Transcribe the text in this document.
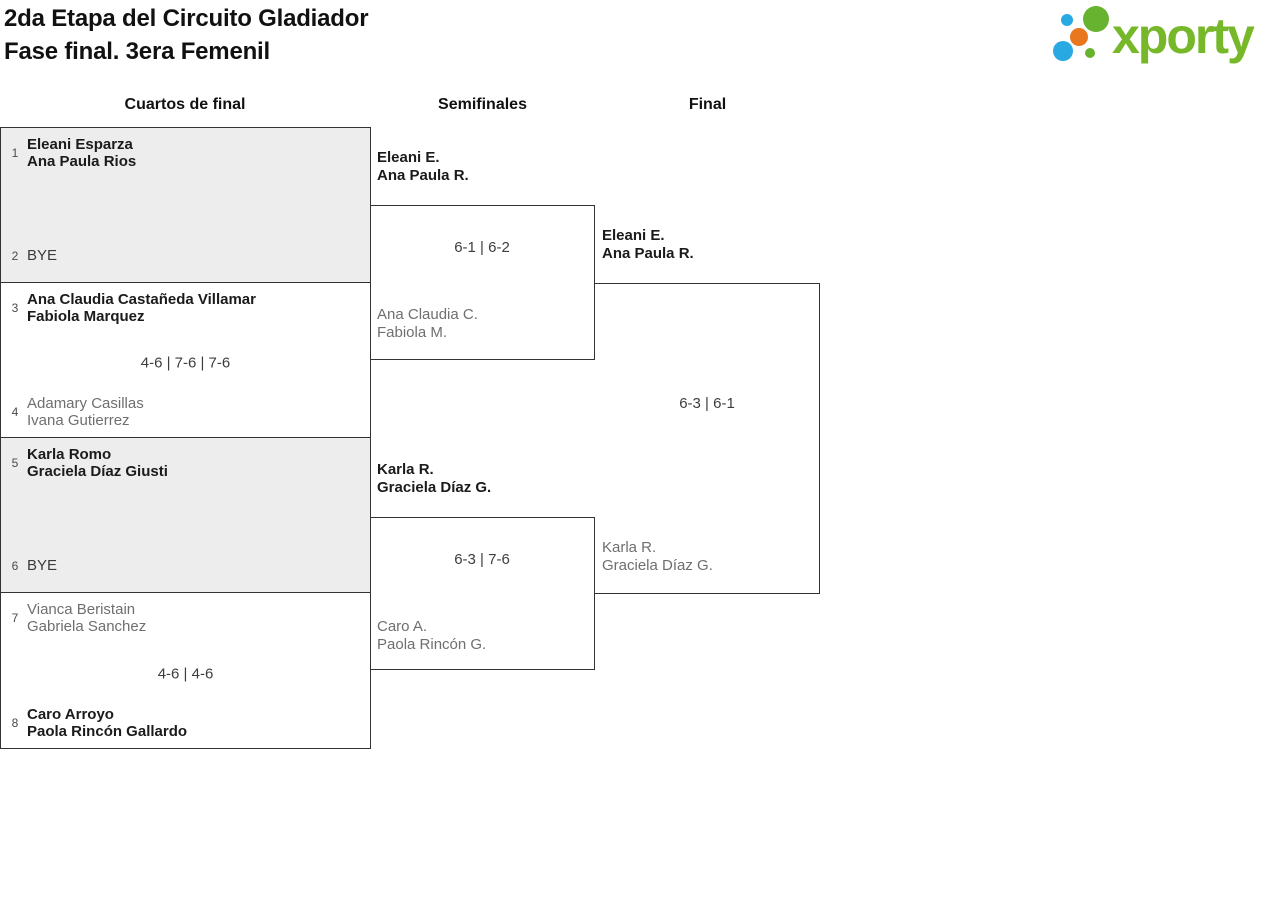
2da Etapa del Circuito Gladiador
Fase final. 3era Femenil	xporty
Cuartos de final	Semifinales	Final
1 Eleani Esparza
Ana Paula Rios
2 BYE
3 Ana Claudia Castañeda Villamar
Fabiola Marquez
4-6 | 7-6 | 7-6
4 Adamary Casillas
Ivana Gutierrez
5 Karla Romo
Graciela Díaz Giusti
6 BYE
7 Vianca Beristain
Gabriela Sanchez
4-6 | 4-6
8 Caro Arroyo
Paola Rincón Gallardo
Eleani E.
Ana Paula R.
6-1 | 6-2
Ana Claudia C.
Fabiola M.
Karla R.
Graciela Díaz G.
6-3 | 7-6
Caro A.
Paola Rincón G.
Eleani E.
Ana Paula R.
6-3 | 6-1
Karla R.
Graciela Díaz G.
